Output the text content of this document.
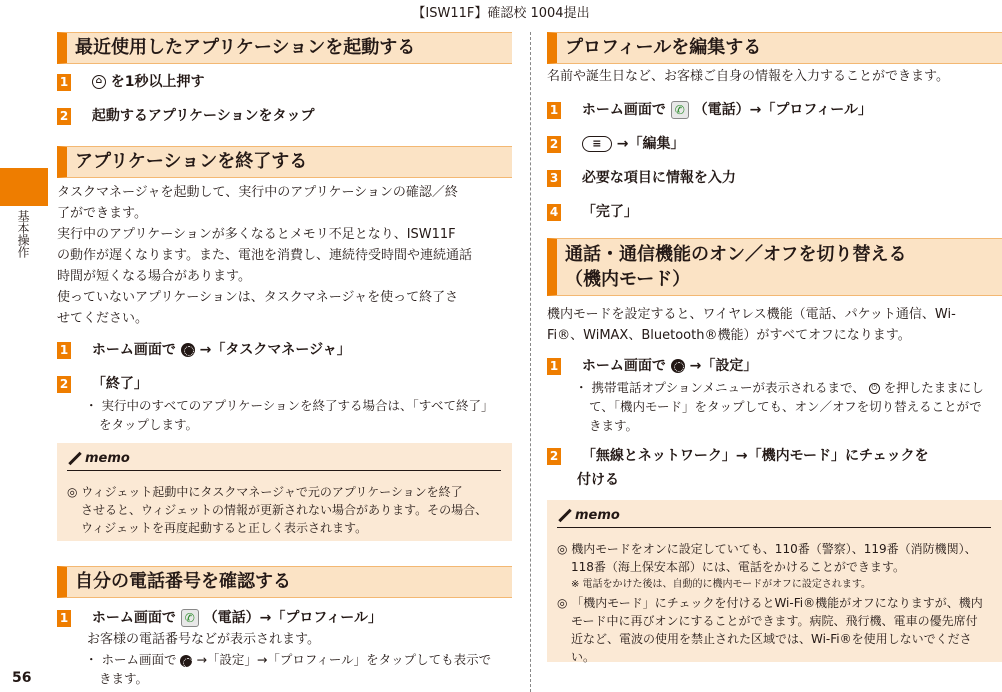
【ISW11F】確認校 1004提出
基本操作
56
最近使用したアプリケーションを起動する
1	⌂ を1秒以上押す
2 起動するアプリケーションをタップ
アプリケーションを終了する
タスクマネージャを起動して、実行中のアプリケーションの確認／終
了ができます。
実行中のアプリケーションが多くなるとメモリ不足となり、ISW11F
の動作が遅くなります。また、電池を消費し、連続待受時間や連続通話
時間が短くなる場合があります。
使っていないアプリケーションは、タスクマネージャを使って終了さ
せてください。
1 ホーム画面で →「タスクマネージャ」
2 「終了」
・ 実行中のすべてのアプリケーションを終了する場合は、「すべて終了」
をタップします。
memo
◎ ウィジェット起動中にタスクマネージャで元のアプリケーションを終了
させると、ウィジェットの情報が更新されない場合があります。その場合、
ウィジェットを再度起動すると正しく表示されます。
自分の電話番号を確認する
1 ホーム画面で ✆ （電話）→「プロフィール」
お客様の電話番号などが表示されます。
・ ホーム画面で →「設定」→「プロフィール」をタップしても表示で
きます。
プロフィールを編集する
名前や誕生日など、お客様ご自身の情報を入力することができます。
1 ホーム画面で ✆ （電話）→「プロフィール」
2	≡ →「編集」
3 必要な項目に情報を入力
4 「完了」
通話・通信機能のオン／オフを切り替える
（機内モード）
機内モードを設定すると、ワイヤレス機能（電話、パケット通信、Wi-
Fi®、WiMAX、Bluetooth®機能）がすべてオフになります。
1 ホーム画面で →「設定」
・ 携帯電話オプションメニューが表示されるまで、 ⏻ を押したままにし
て、「機内モード」をタップしても、オン／オフを切り替えることがで
きます。
2 「無線とネットワーク」→「機内モード」にチェックを
付ける
memo
◎ 機内モードをオンに設定していても、110番（警察）、119番（消防機関）、
118番（海上保安本部）には、電話をかけることができます。
※ 電話をかけた後は、自動的に機内モードがオフに設定されます。
◎ 「機内モード」にチェックを付けるとWi-Fi®機能がオフになりますが、機内
モード中に再びオンにすることができます。病院、飛行機、電車の優先席付
近など、電波の使用を禁止された区域では、Wi-Fi®を使用しないでくださ
い。
